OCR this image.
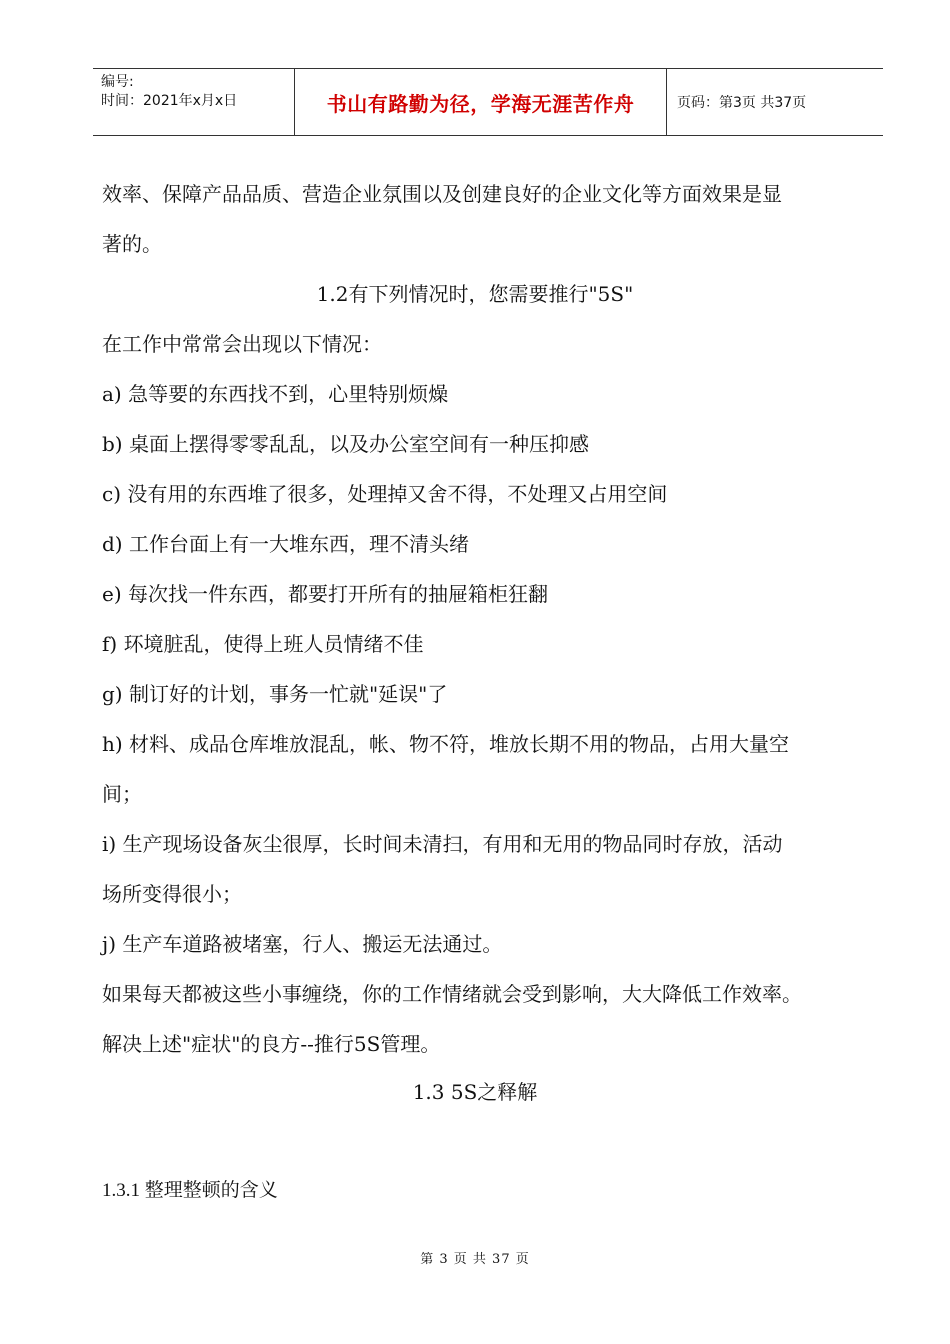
编号:
时间：2021年x月x日	书山有路勤为径，学海无涯苦作舟	页码：第3页 共37页
效率、保障产品品质、营造企业氛围以及创建良好的企业文化等方面效果是显
著的。
1.2有下列情况时，您需要推行"5S"
在工作中常常会出现以下情况：
a) 急等要的东西找不到，心里特别烦燥
b) 桌面上摆得零零乱乱，以及办公室空间有一种压抑感
c) 没有用的东西堆了很多，处理掉又舍不得，不处理又占用空间
d) 工作台面上有一大堆东西，理不清头绪
e) 每次找一件东西，都要打开所有的抽屉箱柜狂翻
f) 环境脏乱，使得上班人员情绪不佳
g) 制订好的计划，事务一忙就"延误"了
h) 材料、成品仓库堆放混乱，帐、物不符，堆放长期不用的物品，占用大量空
间；
i) 生产现场设备灰尘很厚，长时间未清扫，有用和无用的物品同时存放，活动
场所变得很小；
j) 生产车道路被堵塞，行人、搬运无法通过。
如果每天都被这些小事缠绕，你的工作情绪就会受到影响，大大降低工作效率。
解决上述"症状"的良方--推行5S管理。
1.3 5S之释解
1.3.1 整理整顿的含义
第 3 页 共 37 页
